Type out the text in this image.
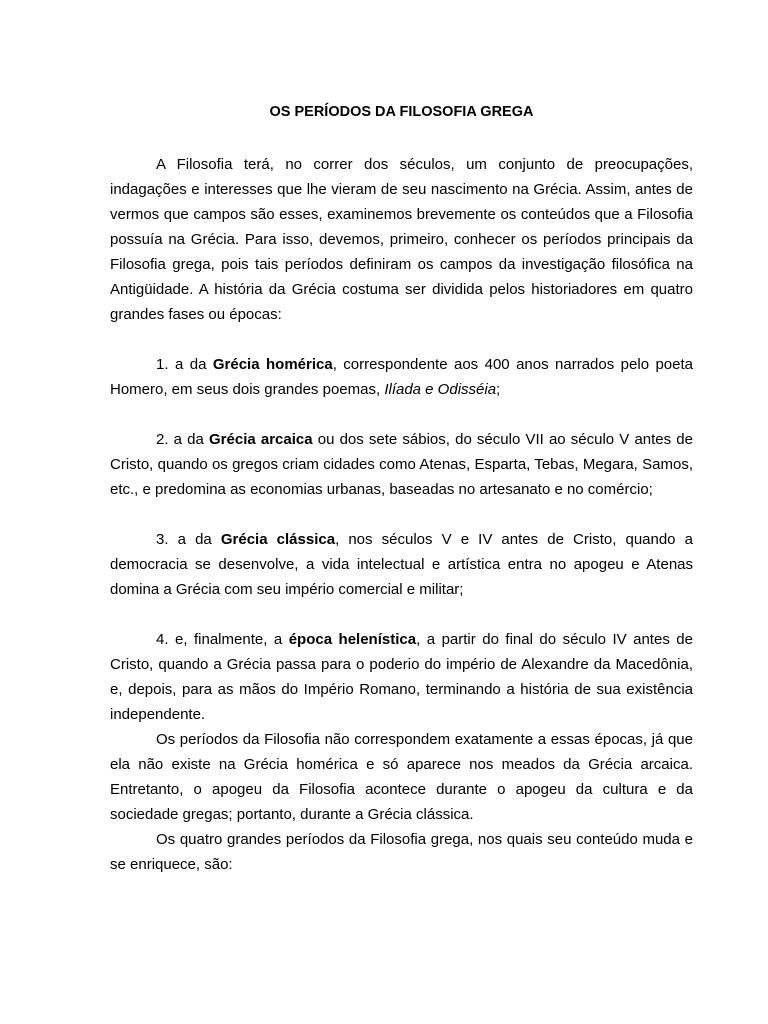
OS PERÍODOS DA FILOSOFIA GREGA

A Filosofia terá, no correr dos séculos, um conjunto de preocupações, indagações e interesses que lhe vieram de seu nascimento na Grécia. Assim, antes de vermos que campos são esses, examinemos brevemente os conteúdos que a Filosofia possuía na Grécia. Para isso, devemos, primeiro, conhecer os períodos principais da Filosofia grega, pois tais períodos definiram os campos da investigação filosófica na Antigüidade. A história da Grécia costuma ser dividida pelos historiadores em quatro grandes fases ou épocas:

1. a da Grécia homérica, correspondente aos 400 anos narrados pelo poeta Homero, em seus dois grandes poemas, Ilíada e Odisséia;

2. a da Grécia arcaica ou dos sete sábios, do século VII ao século V antes de Cristo, quando os gregos criam cidades como Atenas, Esparta, Tebas, Megara, Samos, etc., e predomina as economias urbanas, baseadas no artesanato e no comércio;

3. a da Grécia clássica, nos séculos V e IV antes de Cristo, quando a democracia se desenvolve, a vida intelectual e artística entra no apogeu e Atenas domina a Grécia com seu império comercial e militar;

4. e, finalmente, a época helenística, a partir do final do século IV antes de Cristo, quando a Grécia passa para o poderio do império de Alexandre da Macedônia, e, depois, para as mãos do Império Romano, terminando a história de sua existência independente.

Os períodos da Filosofia não correspondem exatamente a essas épocas, já que ela não existe na Grécia homérica e só aparece nos meados da Grécia arcaica. Entretanto, o apogeu da Filosofia acontece durante o apogeu da cultura e da sociedade gregas; portanto, durante a Grécia clássica.

Os quatro grandes períodos da Filosofia grega, nos quais seu conteúdo muda e se enriquece, são:
